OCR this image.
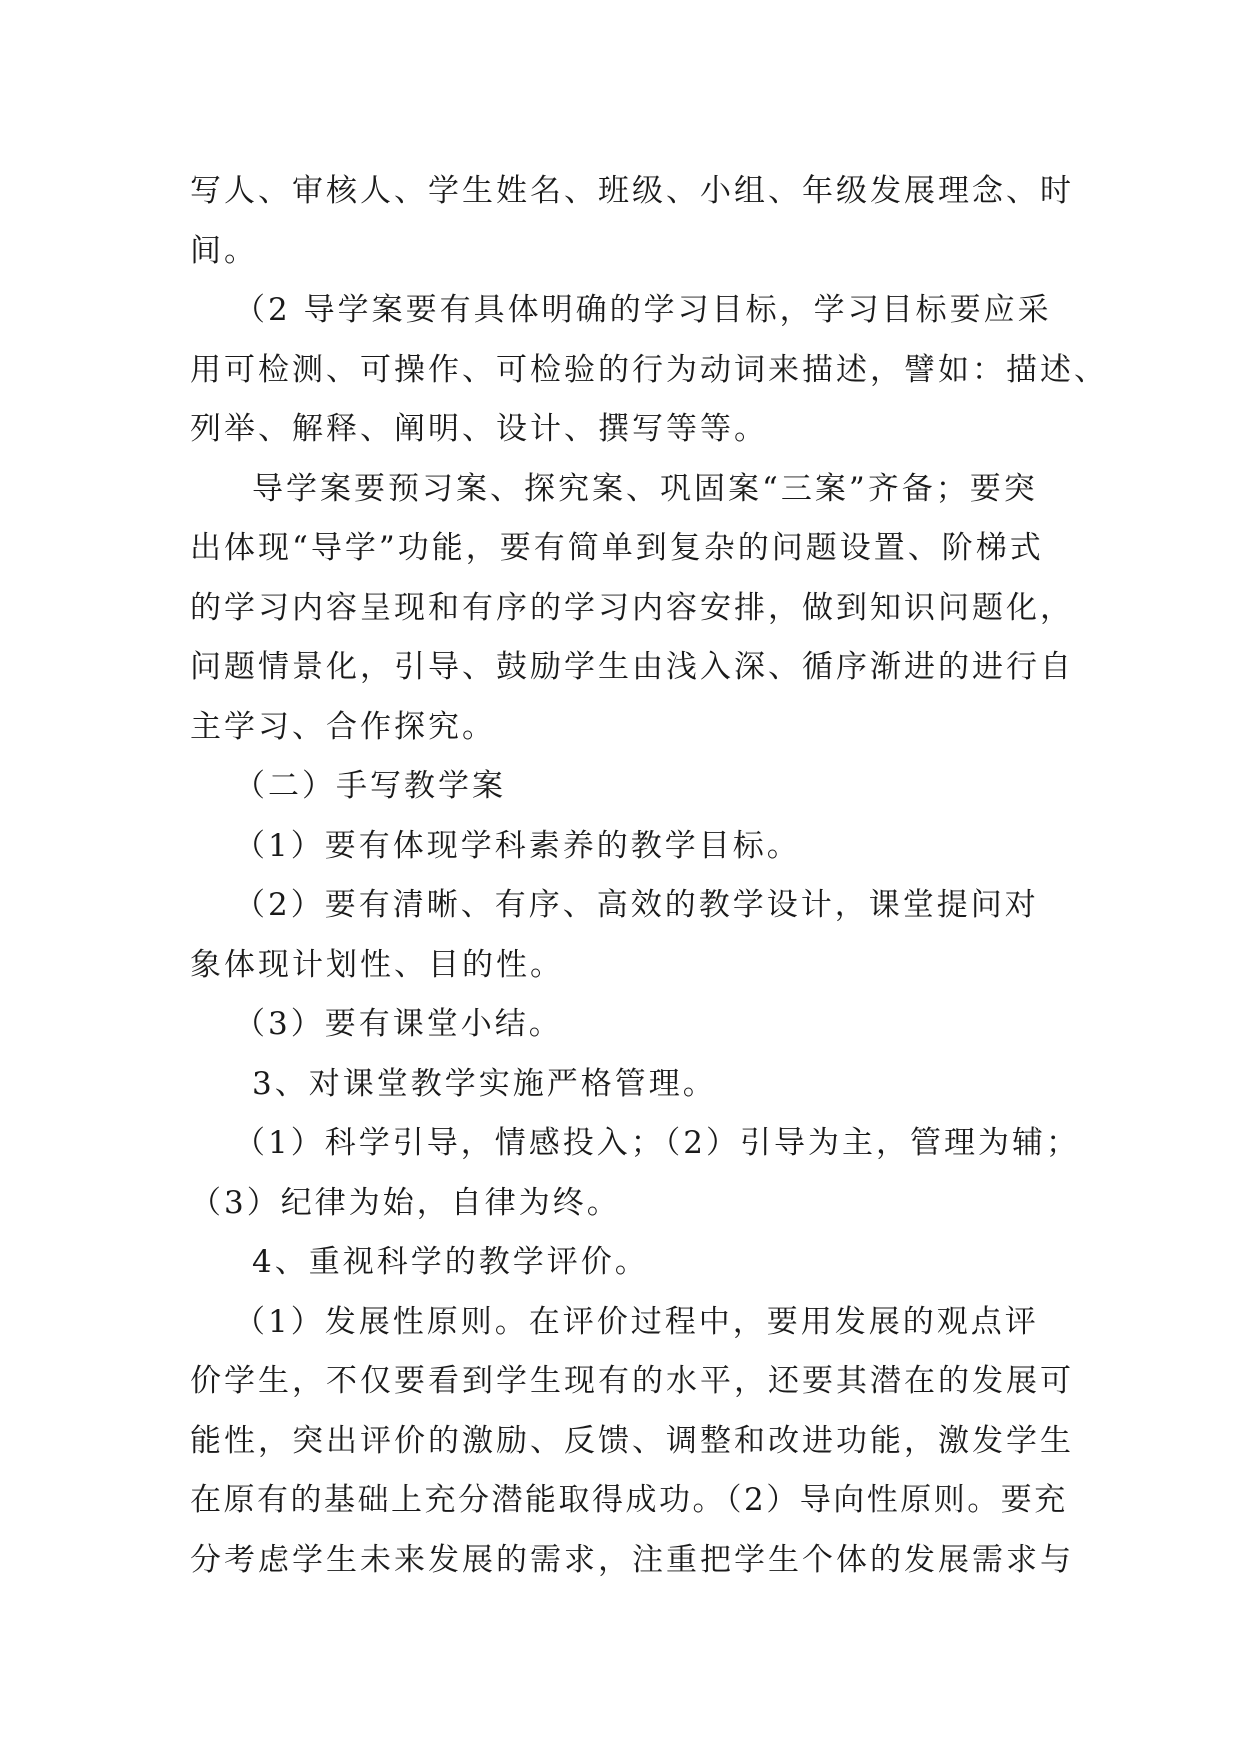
写人、审核人、学生姓名、班级、小组、年级发展理念、时
间。
（2 导学案要有具体明确的学习目标，学习目标要应采
用可检测、可操作、可检验的行为动词来描述，譬如：描述、
列举、解释、阐明、设计、撰写等等。
导学案要预习案、探究案、巩固案“三案”齐备；要突
出体现“导学”功能，要有简单到复杂的问题设置、阶梯式
的学习内容呈现和有序的学习内容安排，做到知识问题化，
问题情景化，引导、鼓励学生由浅入深、循序渐进的进行自
主学习、合作探究。
（二）手写教学案
（1）要有体现学科素养的教学目标。
（2）要有清晰、有序、高效的教学设计，课堂提问对
象体现计划性、目的性。
（3）要有课堂小结。
3、对课堂教学实施严格管理。
（1）科学引导，情感投入；（2）引导为主，管理为辅；
（3）纪律为始，自律为终。
4、重视科学的教学评价。
（1）发展性原则。在评价过程中，要用发展的观点评
价学生，不仅要看到学生现有的水平，还要其潜在的发展可
能性，突出评价的激励、反馈、调整和改进功能，激发学生
在原有的基础上充分潜能取得成功。（2）导向性原则。要充
分考虑学生未来发展的需求，注重把学生个体的发展需求与
